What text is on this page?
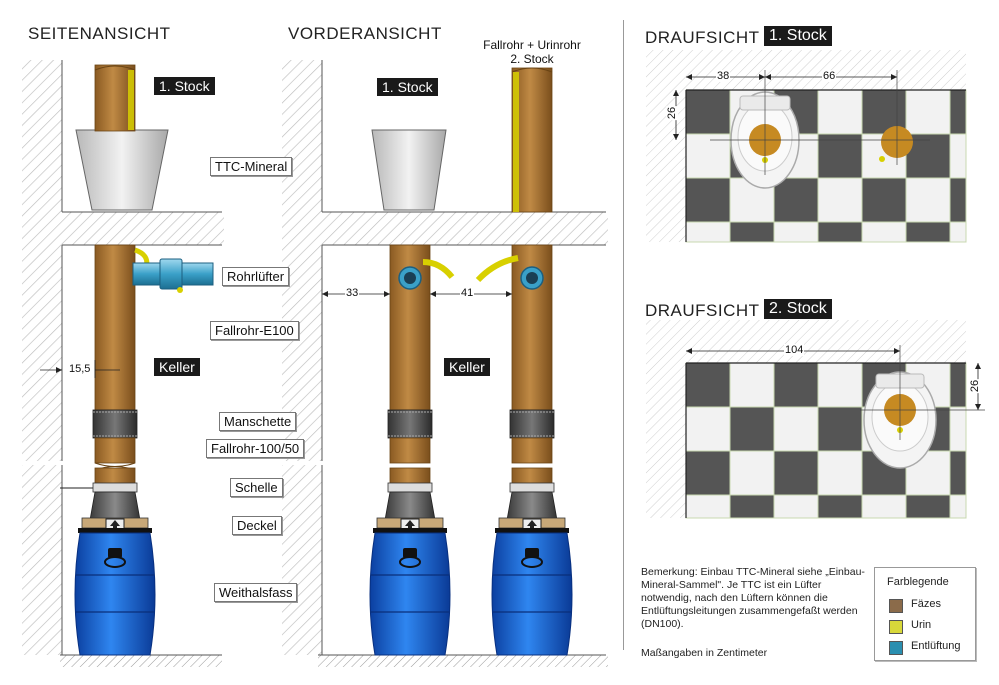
SEITENANSICHT	VORDERANSICHT	DRAUFSICHT 1. Stock
DRAUFSICHT 2. Stock
Fallrohr + Urinrohr
2. Stock
1. Stock	1. Stock
Keller	Keller
TTC-Mineral
Rohrlüfter
Fallrohr-E100
Manschette
Fallrohr-100/50
Schelle
Deckel
Weithalsfass
15,5
33	41
38	66
26
104
26
Bemerkung: Einbau TTC-Mineral siehe „Einbau-Mineral-Sammel". Je TTC ist ein Lüfter notwendig, nach den Lüftern können die Entlüftungsleitungen zusammengefaßt werden (DN100).
Maßangaben in Zentimeter
Farblegende
Fäzes
Urin
Entlüftung
